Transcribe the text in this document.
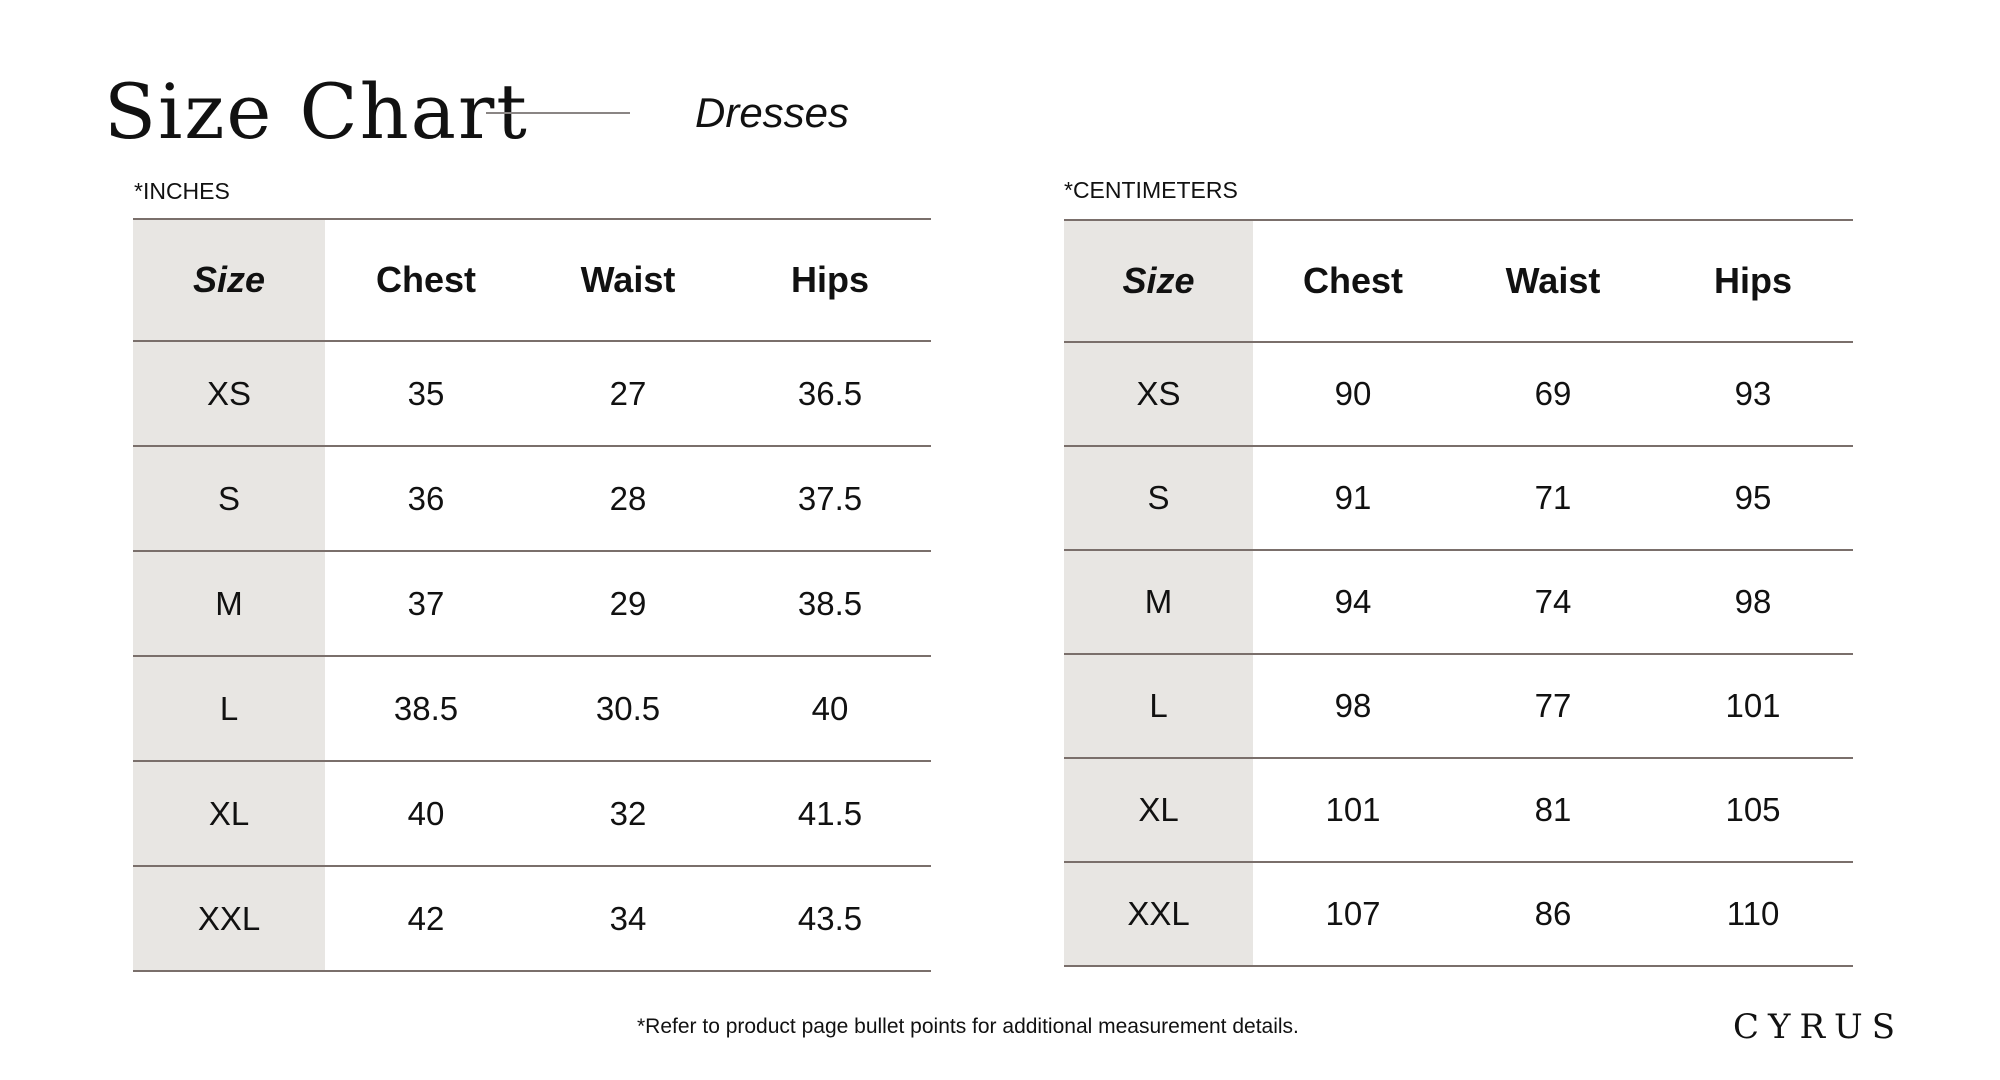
Size Chart	Dresses
*INCHES	*CENTIMETERS
Size	Chest	Waist	Hips
XS	35	27	36.5
S	36	28	37.5
M	37	29	38.5
L	38.5	30.5	40
XL	40	32	41.5
XXL	42	34	43.5
Size	Chest	Waist	Hips
XS	90	69	93
S	91	71	95
M	94	74	98
L	98	77	101
XL	101	81	105
XXL	107	86	110
*Refer to product page bullet points for additional measurement details.	CYRUS
